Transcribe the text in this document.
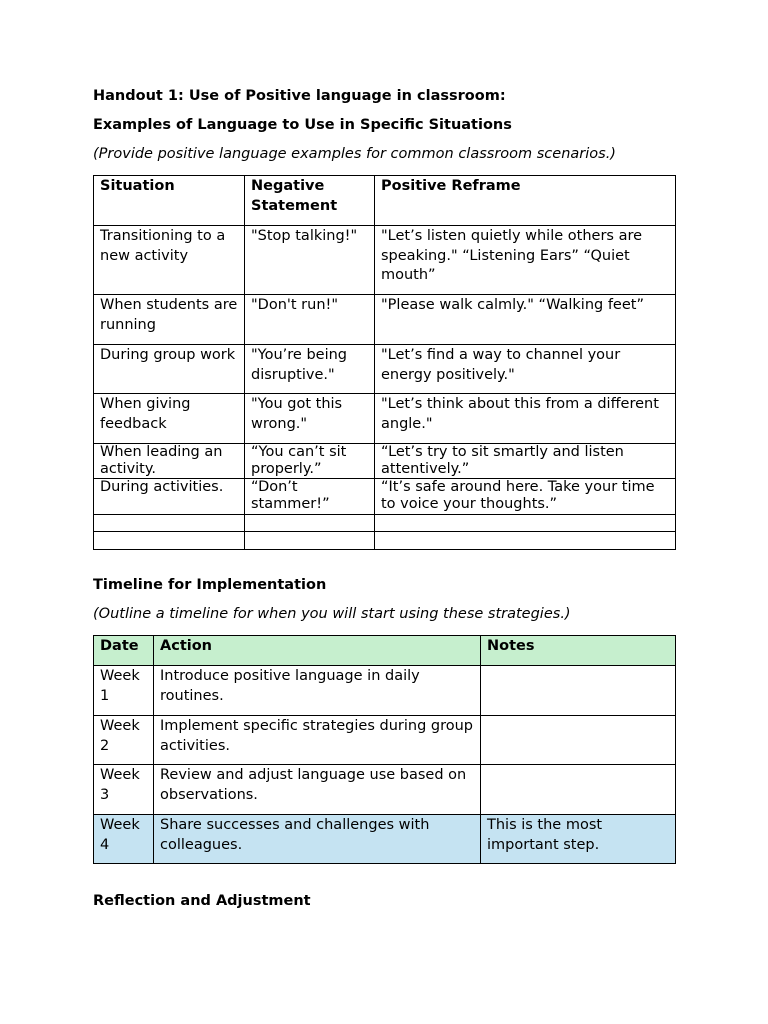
Handout 1: Use of Positive language in classroom:

Examples of Language to Use in Specific Situations

(Provide positive language examples for common classroom scenarios.)

Situation	Negative Statement	Positive Reframe
Transitioning to a new activity	"Stop talking!"	"Let’s listen quietly while others are speaking." “Listening Ears” “Quiet mouth”
When students are running	"Don't run!"	"Please walk calmly." “Walking feet”
During group work	"You’re being disruptive."	"Let’s find a way to channel your energy positively."
When giving feedback	"You got this wrong."	"Let’s think about this from a different angle."
When leading an activity.	“You can’t sit properly.”	“Let’s try to sit smartly and listen attentively.”
During activities.	“Don’t stammer!”	“It’s safe around here. Take your time to voice your thoughts.”

Timeline for Implementation

(Outline a timeline for when you will start using these strategies.)

Date	Action	Notes
Week 1	Introduce positive language in daily routines.	
Week 2	Implement specific strategies during group activities.	
Week 3	Review and adjust language use based on observations.	
Week 4	Share successes and challenges with colleagues.	This is the most important step.

Reflection and Adjustment
